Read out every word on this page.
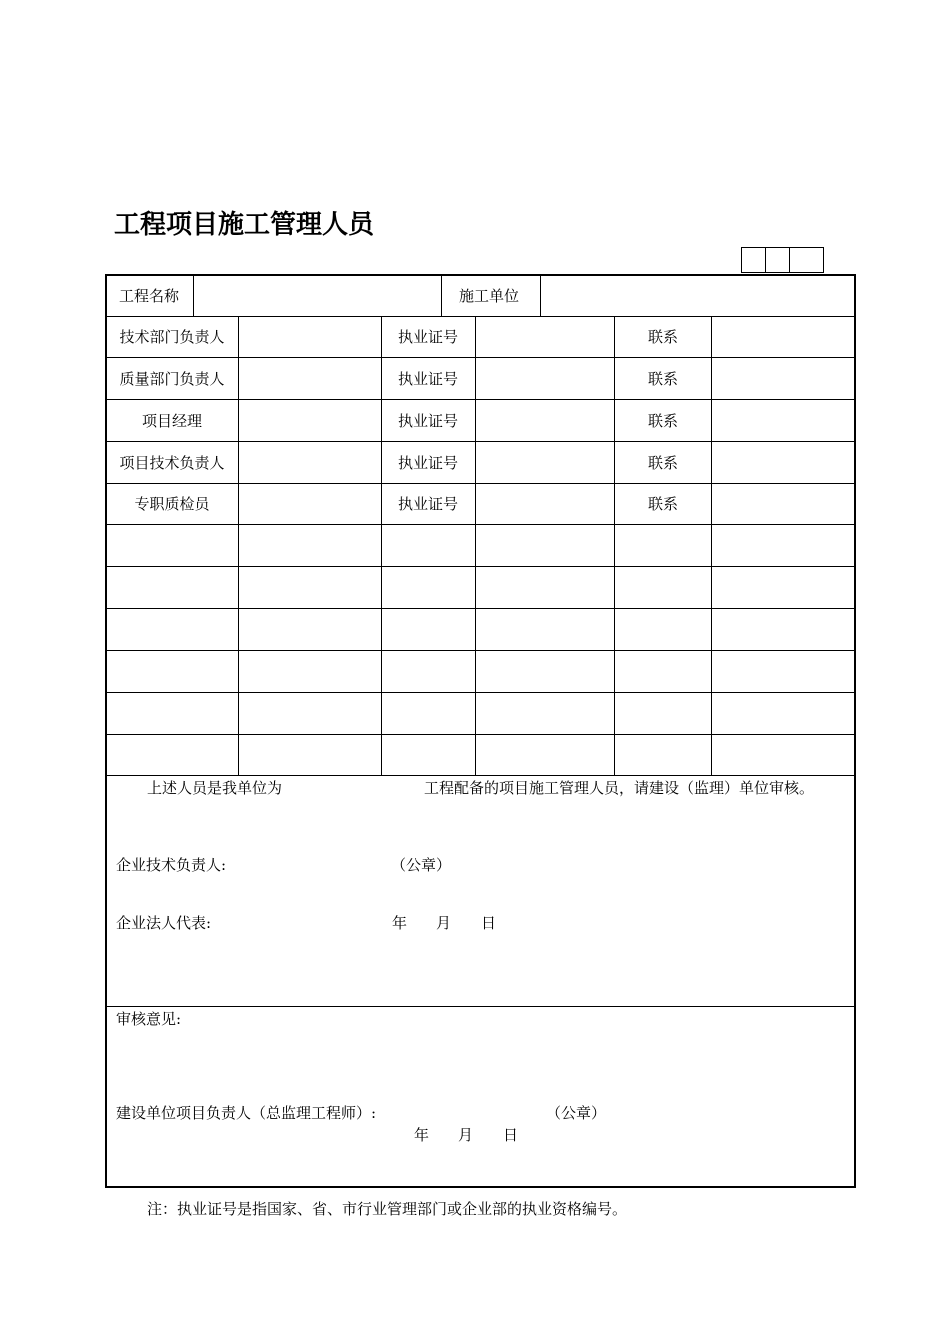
工程项目施工管理人员
工程名称	施工单位
技术部门负责人	执业证号	联系
质量部门负责人	执业证号	联系
项目经理	执业证号	联系
项目技术负责人	执业证号	联系
专职质检员	执业证号	联系
上述人员是我单位为	工程配备的项目施工管理人员，请建设（监理）单位审核。
企业技术负责人:	（公章）
企业法人代表:	年 月 日
审核意见:
建设单位项目负责人（总监理工程师）:	（公章）
年 月 日
注：执业证号是指国家、省、市行业管理部门或企业部的执业资格编号。
